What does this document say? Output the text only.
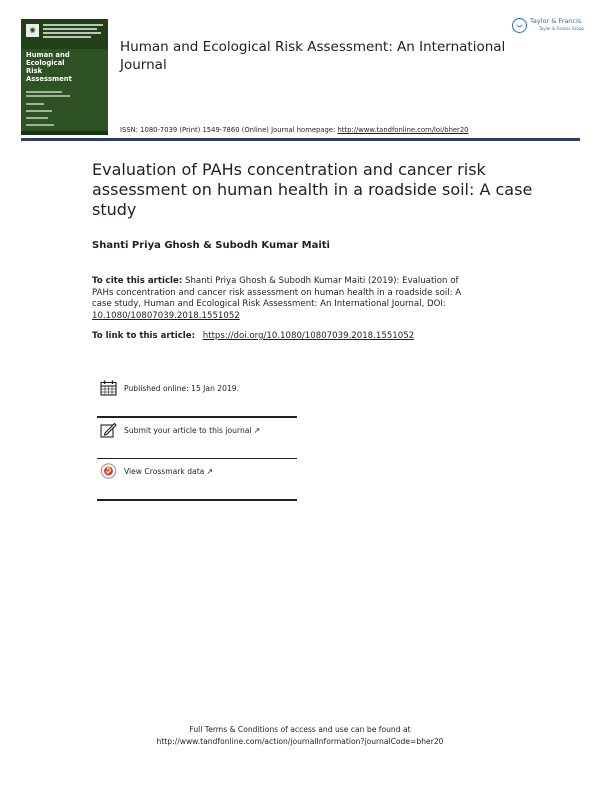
◉
Human and
Ecological
Risk
Assessment
Human and Ecological Risk Assessment: An International Journal
Taylor & Francis
Taylor & Francis Group
ISSN: 1080-7039 (Print) 1549-7860 (Online) Journal homepage: http://www.tandfonline.com/loi/bher20
Evaluation of PAHs concentration and cancer risk assessment on human health in a roadside soil: A case study
Shanti Priya Ghosh & Subodh Kumar Maiti
To cite this article: Shanti Priya Ghosh & Subodh Kumar Maiti (2019): Evaluation of PAHs concentration and cancer risk assessment on human health in a roadside soil: A case study, Human and Ecological Risk Assessment: An International Journal, DOI: 10.1080/10807039.2018.1551052
To link to this article: https://doi.org/10.1080/10807039.2018.1551052
Published online: 15 Jan 2019.
Submit your article to this journal ↗
View Crossmark data ↗
Full Terms & Conditions of access and use can be found at
http://www.tandfonline.com/action/journalInformation?journalCode=bher20
